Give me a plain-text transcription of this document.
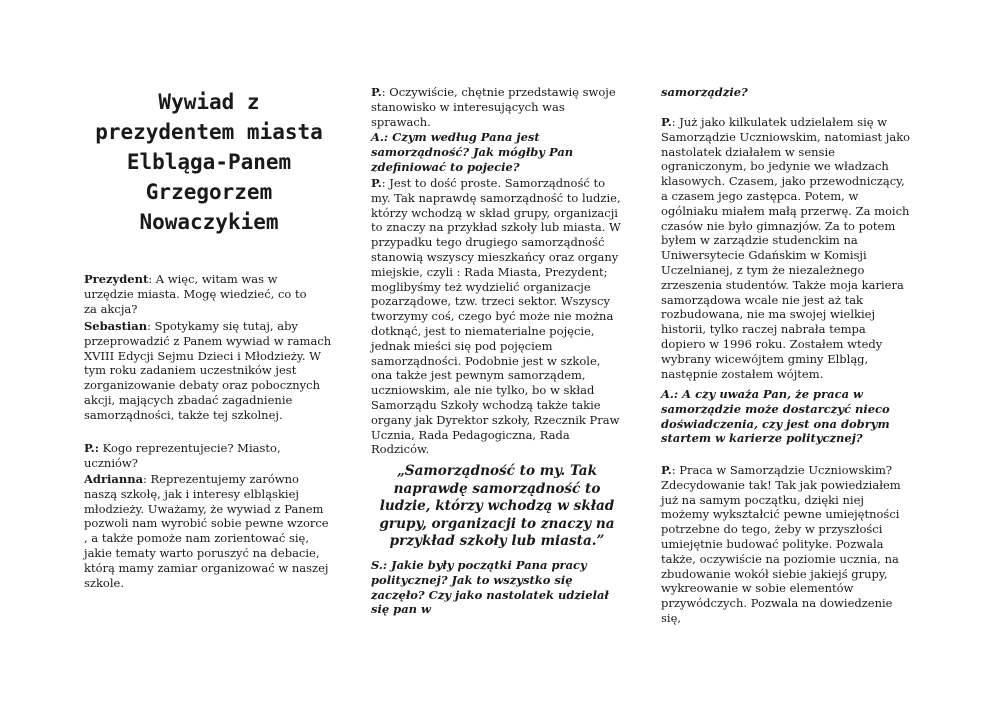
Wywiad z prezydentem miasta Elbląga-Panem Grzegorzem Nowaczykiem

Prezydent: A więc, witam was w urzędzie miasta. Mogę wiedzieć, co to za akcja?

Sebastian: Spotykamy się tutaj, aby przeprowadzić z Panem wywiad w ramach XVIII Edycji Sejmu Dzieci i Młodzieży. W tym roku zadaniem uczestników jest zorganizowanie debaty oraz pobocznych akcji, mających zbadać zagadnienie samorządności, także tej szkolnej.

P.: Kogo reprezentujecie? Miasto, uczniów?

Adrianna: Reprezentujemy zarówno naszą szkołę, jak i interesy elbląskiej młodzieży. Uważamy, że wywiad z Panem pozwoli nam wyrobić sobie pewne wzorce , a także pomoże nam zorientować się, jakie tematy warto poruszyć na debacie, którą mamy zamiar organizować w naszej szkole.

P.: Oczywiście, chętnie przedstawię swoje stanowisko w interesujących was sprawach.

A.: Czym według Pana jest samorządność? Jak mógłby Pan zdefiniować to pojecie?

P.: Jest to dość proste. Samorządność to my. Tak naprawdę samorządność to ludzie, którzy wchodzą w skład grupy, organizacji to znaczy na przykład szkoły lub miasta. W przypadku tego drugiego samorządność stanowią wszyscy mieszkańcy oraz organy miejskie, czyli : Rada Miasta, Prezydent; moglibyśmy też wydzielić organizacje pozarządowe, tzw. trzeci sektor. Wszyscy tworzymy coś, czego być może nie można dotknąć, jest to niematerialne pojęcie, jednak mieści się pod pojęciem samorządności. Podobnie jest w szkole, ona także jest pewnym samorządem, uczniowskim, ale nie tylko, bo w skład Samorządu Szkoły wchodzą także takie organy jak Dyrektor szkoły, Rzecznik Praw Ucznia, Rada Pedagogiczna, Rada Rodziców.

„Samorządność to my. Tak naprawdę samorządność to ludzie, którzy wchodzą w skład grupy, organizacji to znaczy na przykład szkoły lub miasta.”

S.: Jakie były początki Pana pracy politycznej? Jak to wszystko się zaczęło? Czy jako nastolatek udzielał się pan w

samorządzie?

P.: Już jako kilkulatek udzielałem się w Samorządzie Uczniowskim, natomiast jako nastolatek działałem w sensie ograniczonym, bo jedynie we władzach klasowych. Czasem, jako przewodniczący, a czasem jego zastępca. Potem, w ogólniaku miałem małą przerwę. Za moich czasów nie było gimnazjów. Za to potem byłem w zarządzie studenckim na Uniwersytecie Gdańskim w Komisji Uczelnianej, z tym że niezależnego zrzeszenia studentów. Także moja kariera samorządowa wcale nie jest aż tak rozbudowana, nie ma swojej wielkiej historii, tylko raczej nabrała tempa dopiero w 1996 roku. Zostałem wtedy wybrany wicewójtem gminy Elbląg, następnie zostałem wójtem.

A.: A czy uważa Pan, że praca w samorządzie może dostarczyć nieco doświadczenia, czy jest ona dobrym startem w karierze politycznej?

P.: Praca w Samorządzie Uczniowskim? Zdecydowanie tak! Tak jak powiedziałem już na samym początku, dzięki niej możemy wykształcić pewne umiejętności potrzebne do tego, żeby w przyszłości umiejętnie budować polityke. Pozwala także, oczywiście na poziomie ucznia, na zbudowanie wokół siebie jakiejś grupy, wykreowanie w sobie elementów przywódczych. Pozwala na dowiedzenie się,
